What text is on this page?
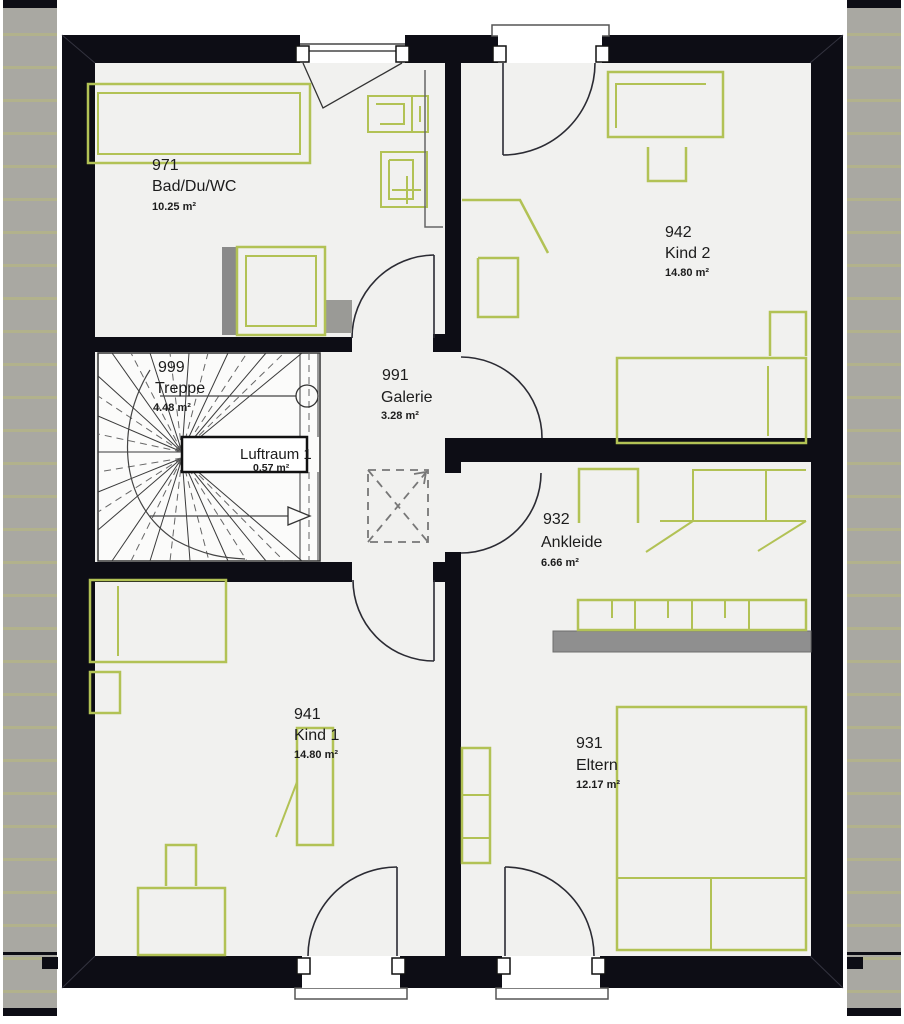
Luftraum 1
0.57 m²
971
Bad/Du/WC
10.25 m²
942
Kind 2
14.80 m²
999
Treppe
4.48 m²
991
Galerie
3.28 m²
932
Ankleide
6.66 m²
941
Kind 1
14.80 m²
931
Eltern
12.17 m²
